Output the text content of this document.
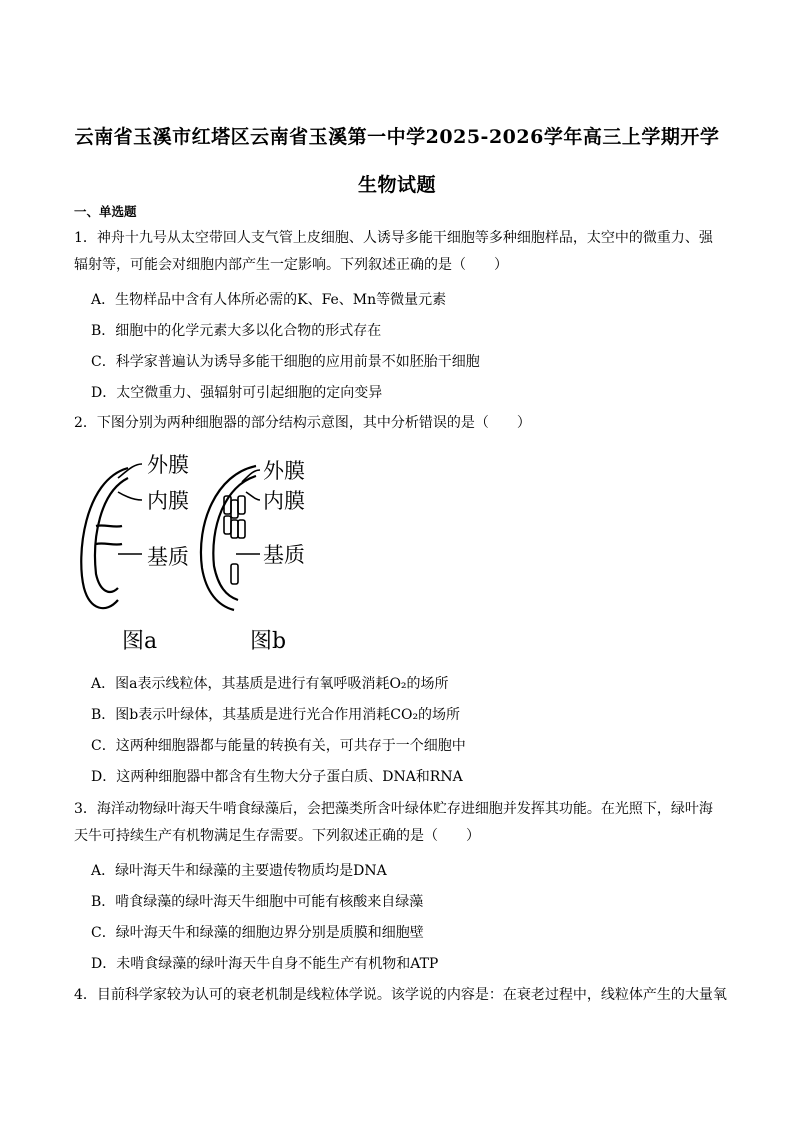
云南省玉溪市红塔区云南省玉溪第一中学2025-2026学年高三上学期开学
生物试题
一、单选题
1．神舟十九号从太空带回人支气管上皮细胞、人诱导多能干细胞等多种细胞样品，太空中的微重力、强辐射等，可能会对细胞内部产生一定影响。下列叙述正确的是（　　）
A．生物样品中含有人体所必需的K、Fe、Mn等微量元素
B．细胞中的化学元素大多以化合物的形式存在
C．科学家普遍认为诱导多能干细胞的应用前景不如胚胎干细胞
D．太空微重力、强辐射可引起细胞的定向变异
2．下图分别为两种细胞器的部分结构示意图，其中分析错误的是（　　）
外膜
内膜
基质
外膜
内膜
基质
图a	图b
A．图a表示线粒体，其基质是进行有氧呼吸消耗O₂的场所
B．图b表示叶绿体，其基质是进行光合作用消耗CO₂的场所
C．这两种细胞器都与能量的转换有关，可共存于一个细胞中
D．这两种细胞器中都含有生物大分子蛋白质、DNA和RNA
3．海洋动物绿叶海天牛啃食绿藻后，会把藻类所含叶绿体贮存进细胞并发挥其功能。在光照下，绿叶海天牛可持续生产有机物满足生存需要。下列叙述正确的是（　　）
A．绿叶海天牛和绿藻的主要遗传物质均是DNA
B．啃食绿藻的绿叶海天牛细胞中可能有核酸来自绿藻
C．绿叶海天牛和绿藻的细胞边界分别是质膜和细胞壁
D．未啃食绿藻的绿叶海天牛自身不能生产有机物和ATP
4．目前科学家较为认可的衰老机制是线粒体学说。该学说的内容是：在衰老过程中，线粒体产生的大量氧
